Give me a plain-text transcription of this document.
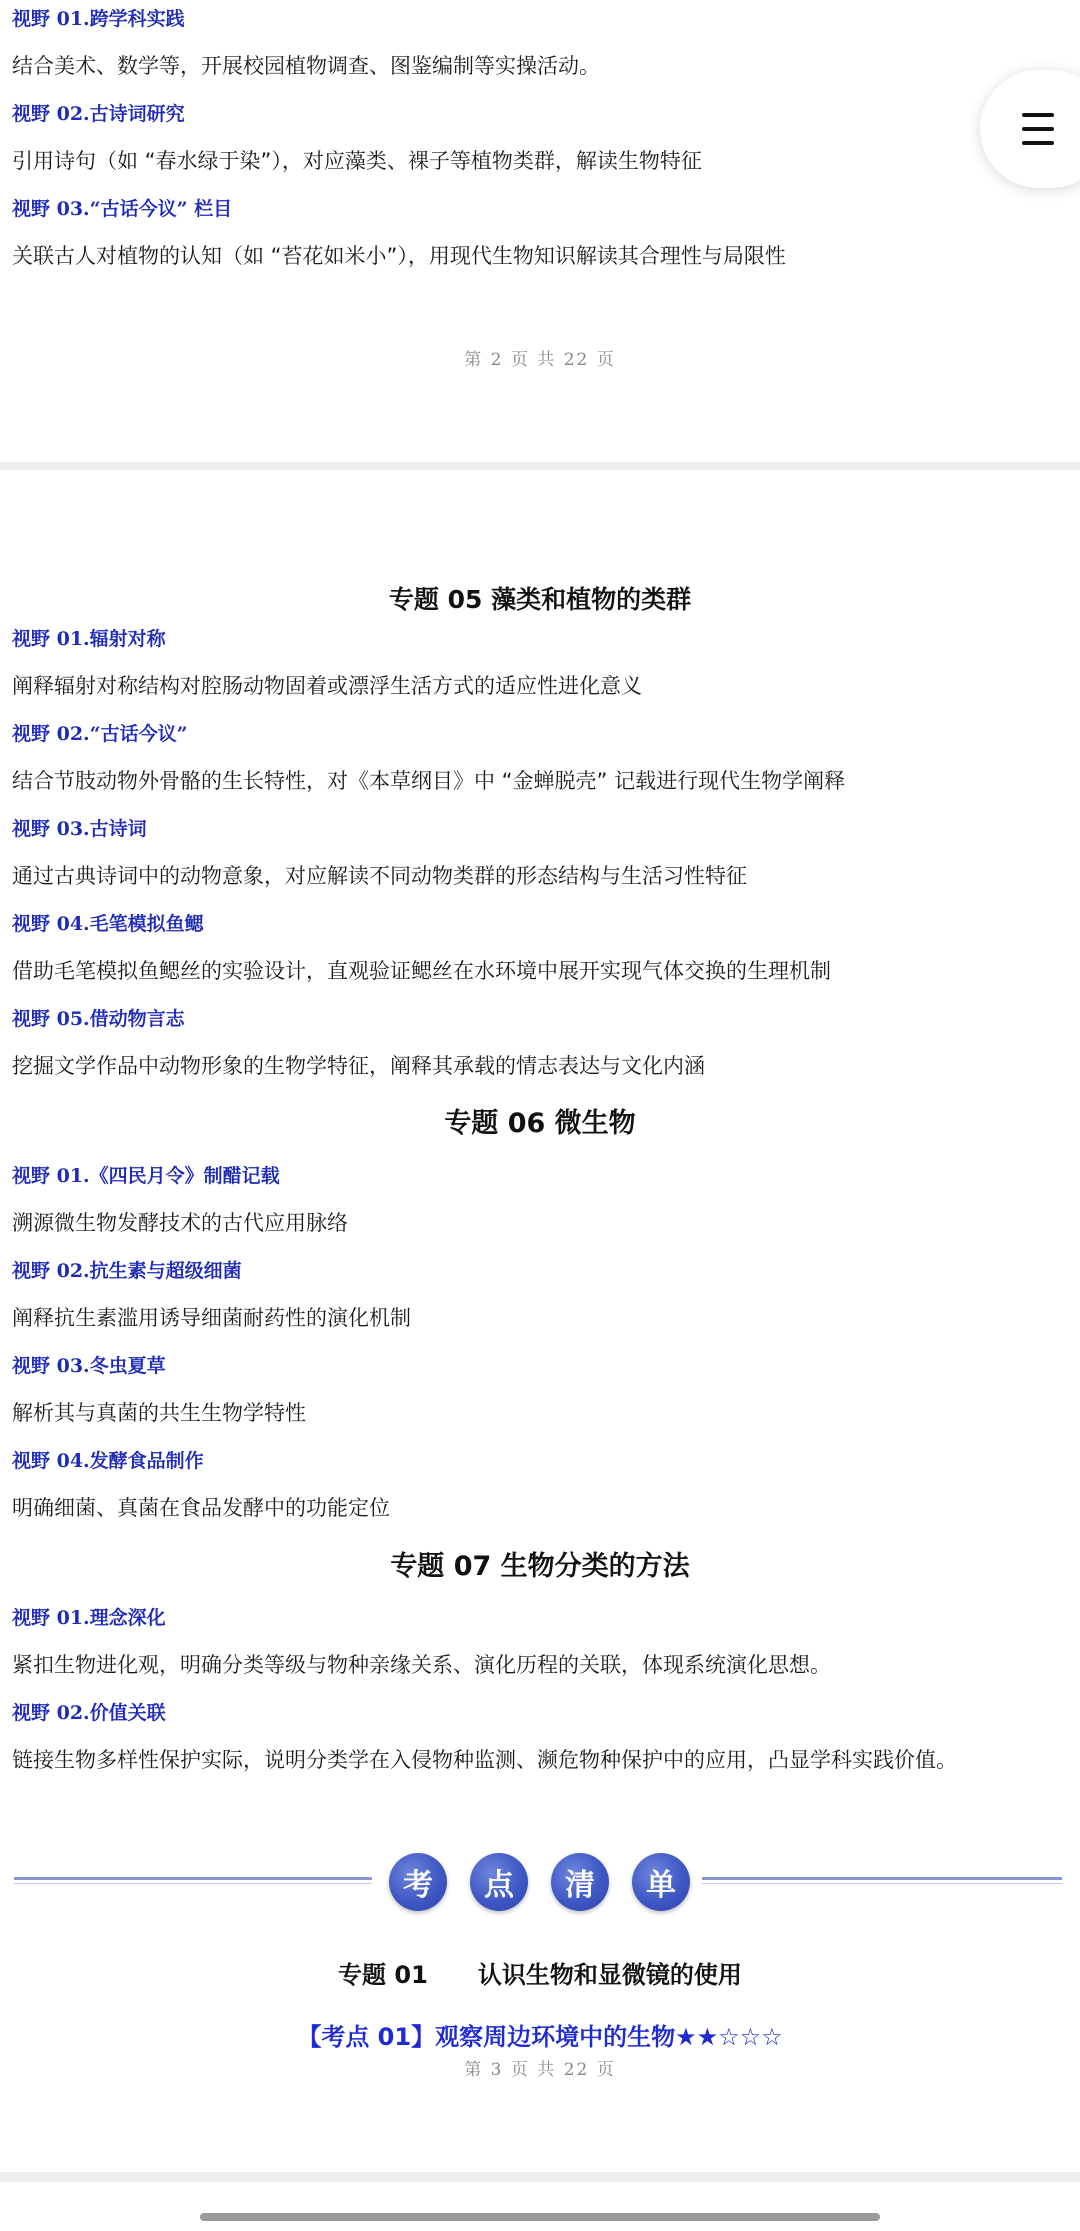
视野 01.跨学科实践
结合美术、数学等，开展校园植物调查、图鉴编制等实操活动。
视野 02.古诗词研究
引用诗句（如 “春水绿于染”），对应藻类、裸子等植物类群，解读生物特征
视野 03.“古话今议” 栏目
关联古人对植物的认知（如 “苔花如米小”），用现代生物知识解读其合理性与局限性
第 2 页 共 22 页
专题 05 藻类和植物的类群
视野 01.辐射对称
阐释辐射对称结构对腔肠动物固着或漂浮生活方式的适应性进化意义
视野 02.“古话今议”
结合节肢动物外骨骼的生长特性，对《本草纲目》中 “金蝉脱壳” 记载进行现代生物学阐释
视野 03.古诗词
通过古典诗词中的动物意象，对应解读不同动物类群的形态结构与生活习性特征
视野 04.毛笔模拟鱼鳃
借助毛笔模拟鱼鳃丝的实验设计，直观验证鳃丝在水环境中展开实现气体交换的生理机制
视野 05.借动物言志
挖掘文学作品中动物形象的生物学特征，阐释其承载的情志表达与文化内涵
专题 06 微生物
视野 01.《四民月令》制醋记载
溯源微生物发酵技术的古代应用脉络
视野 02.抗生素与超级细菌
阐释抗生素滥用诱导细菌耐药性的演化机制
视野 03.冬虫夏草
解析其与真菌的共生生物学特性
视野 04.发酵食品制作
明确细菌、真菌在食品发酵中的功能定位
专题 07 生物分类的方法
视野 01.理念深化
紧扣生物进化观，明确分类等级与物种亲缘关系、演化历程的关联，体现系统演化思想。
视野 02.价值关联
链接生物多样性保护实际，说明分类学在入侵物种监测、濒危物种保护中的应用，凸显学科实践价值。
考	点	清	单
专题 01      认识生物和显微镜的使用
【考点 01】观察周边环境中的生物★★☆☆☆
第 3 页 共 22 页
